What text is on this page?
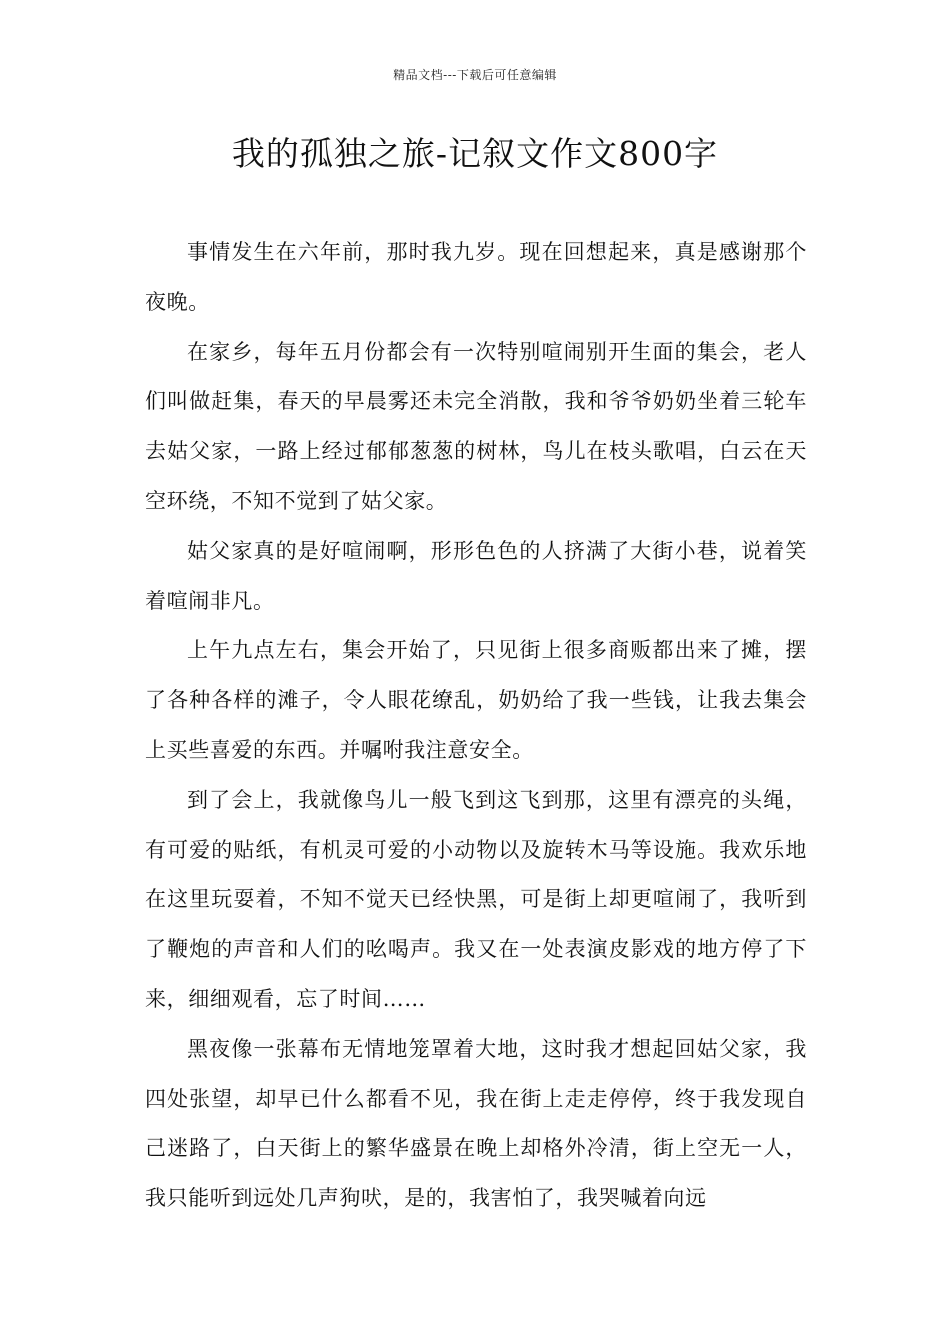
精品文档---下载后可任意编辑
我的孤独之旅-记叙文作文800字

事情发生在六年前，那时我九岁。现在回想起来，真是感谢那个夜晚。

在家乡，每年五月份都会有一次特别喧闹别开生面的集会，老人们叫做赶集，春天的早晨雾还未完全消散，我和爷爷奶奶坐着三轮车去姑父家，一路上经过郁郁葱葱的树林，鸟儿在枝头歌唱，白云在天空环绕，不知不觉到了姑父家。

姑父家真的是好喧闹啊，形形色色的人挤满了大街小巷，说着笑着喧闹非凡。

上午九点左右，集会开始了，只见街上很多商贩都出来了摊，摆了各种各样的滩子，令人眼花缭乱，奶奶给了我一些钱，让我去集会上买些喜爱的东西。并嘱咐我注意安全。

到了会上，我就像鸟儿一般飞到这飞到那，这里有漂亮的头绳，有可爱的贴纸，有机灵可爱的小动物以及旋转木马等设施。我欢乐地在这里玩耍着，不知不觉天已经快黑，可是街上却更喧闹了，我听到了鞭炮的声音和人们的吆喝声。我又在一处表演皮影戏的地方停了下来，细细观看，忘了时间……

黑夜像一张幕布无情地笼罩着大地，这时我才想起回姑父家，我四处张望，却早已什么都看不见，我在街上走走停停，终于我发现自己迷路了，白天街上的繁华盛景在晚上却格外冷清，街上空无一人，我只能听到远处几声狗吠，是的，我害怕了，我哭喊着向远
